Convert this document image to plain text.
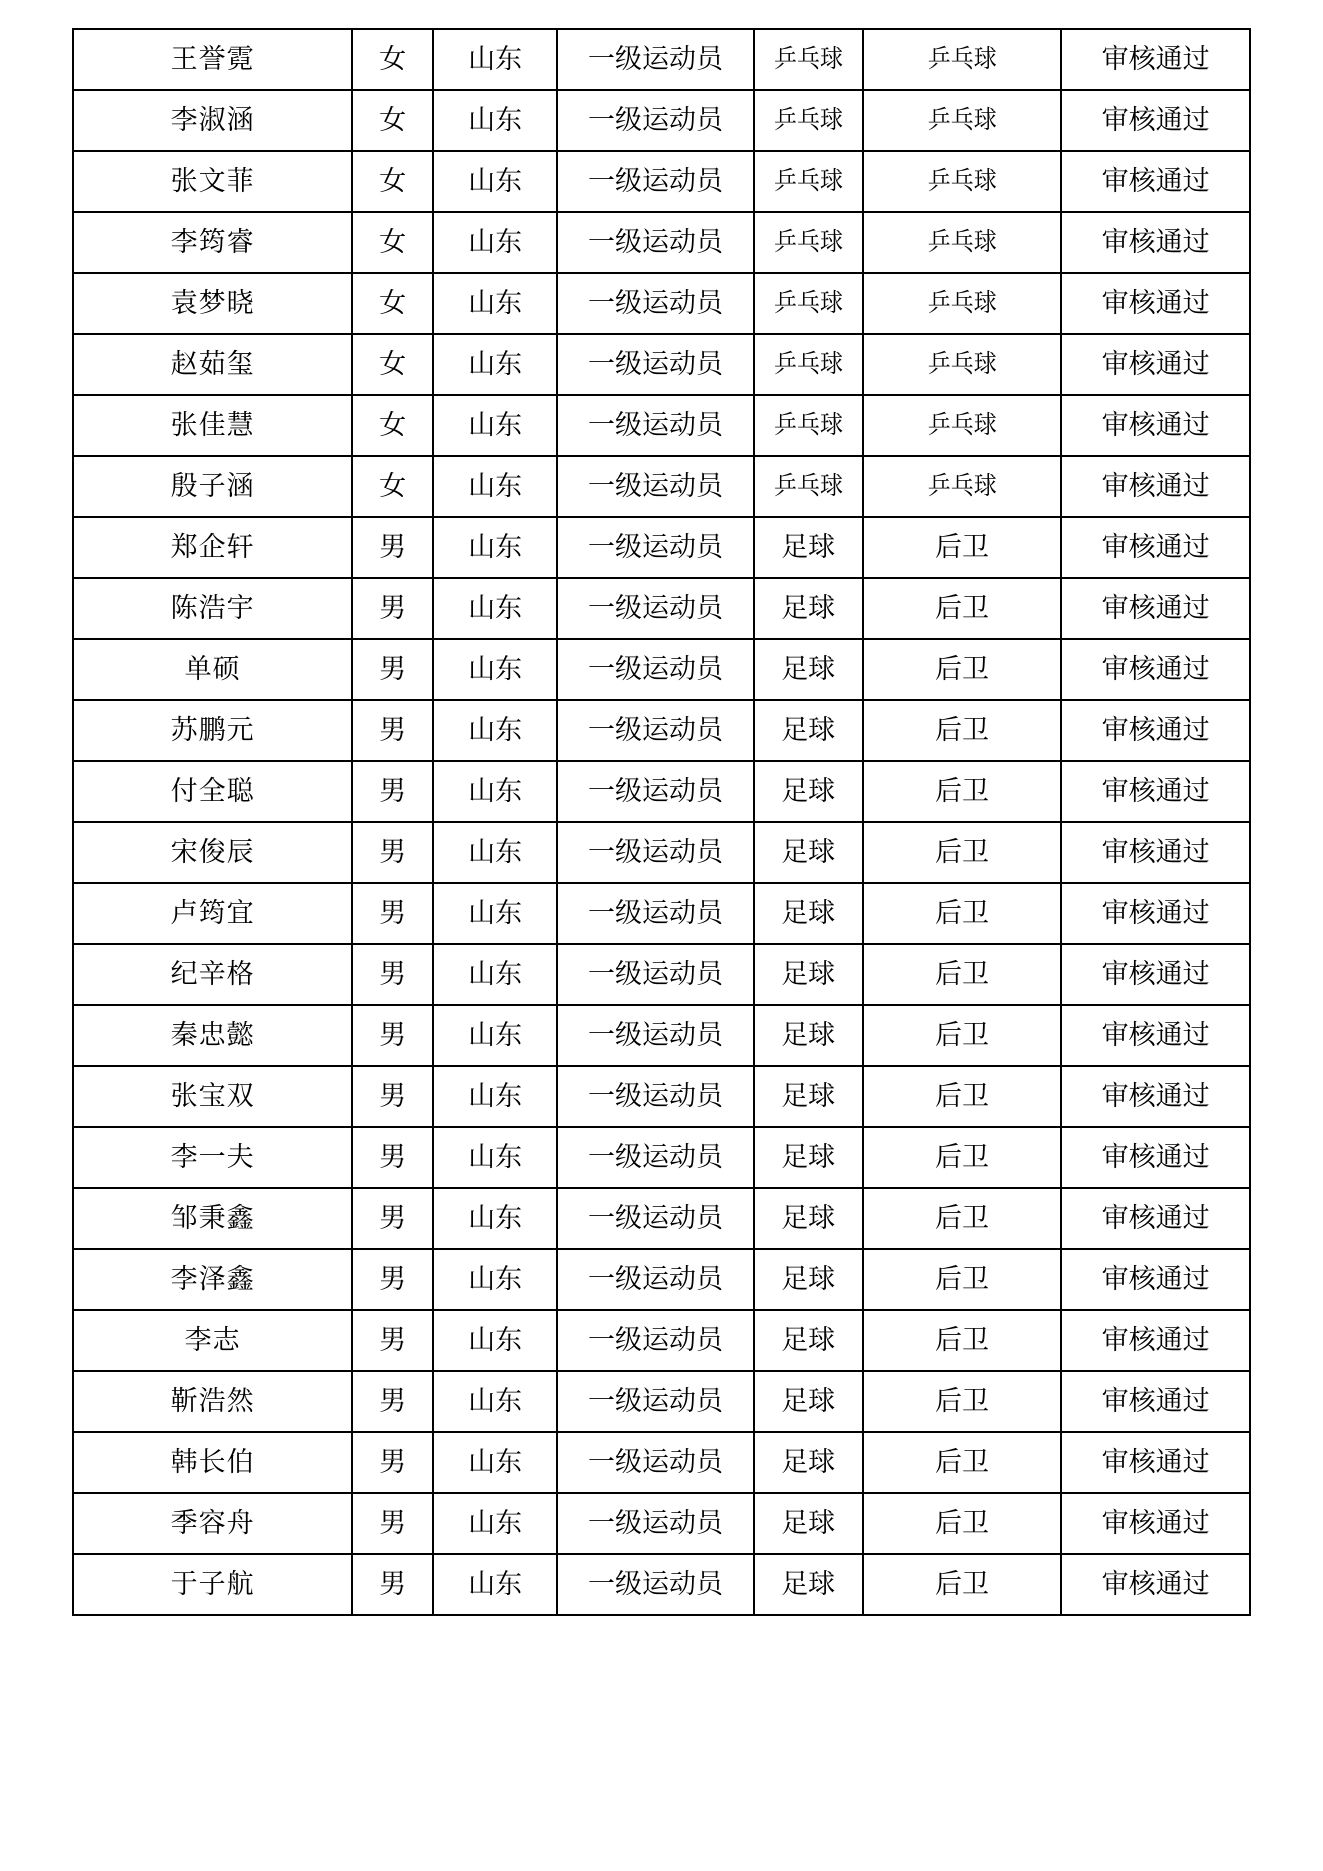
王誉霓	女	山东	一级运动员	乒乓球	乒乓球	审核通过
李淑涵	女	山东	一级运动员	乒乓球	乒乓球	审核通过
张文菲	女	山东	一级运动员	乒乓球	乒乓球	审核通过
李筠睿	女	山东	一级运动员	乒乓球	乒乓球	审核通过
袁梦晓	女	山东	一级运动员	乒乓球	乒乓球	审核通过
赵茹玺	女	山东	一级运动员	乒乓球	乒乓球	审核通过
张佳慧	女	山东	一级运动员	乒乓球	乒乓球	审核通过
殷子涵	女	山东	一级运动员	乒乓球	乒乓球	审核通过
郑企轩	男	山东	一级运动员	足球	后卫	审核通过
陈浩宇	男	山东	一级运动员	足球	后卫	审核通过
单硕	男	山东	一级运动员	足球	后卫	审核通过
苏鹏元	男	山东	一级运动员	足球	后卫	审核通过
付全聪	男	山东	一级运动员	足球	后卫	审核通过
宋俊辰	男	山东	一级运动员	足球	后卫	审核通过
卢筠宜	男	山东	一级运动员	足球	后卫	审核通过
纪辛格	男	山东	一级运动员	足球	后卫	审核通过
秦忠懿	男	山东	一级运动员	足球	后卫	审核通过
张宝双	男	山东	一级运动员	足球	后卫	审核通过
李一夫	男	山东	一级运动员	足球	后卫	审核通过
邹秉鑫	男	山东	一级运动员	足球	后卫	审核通过
李泽鑫	男	山东	一级运动员	足球	后卫	审核通过
李志	男	山东	一级运动员	足球	后卫	审核通过
靳浩然	男	山东	一级运动员	足球	后卫	审核通过
韩长伯	男	山东	一级运动员	足球	后卫	审核通过
季容舟	男	山东	一级运动员	足球	后卫	审核通过
于子航	男	山东	一级运动员	足球	后卫	审核通过
